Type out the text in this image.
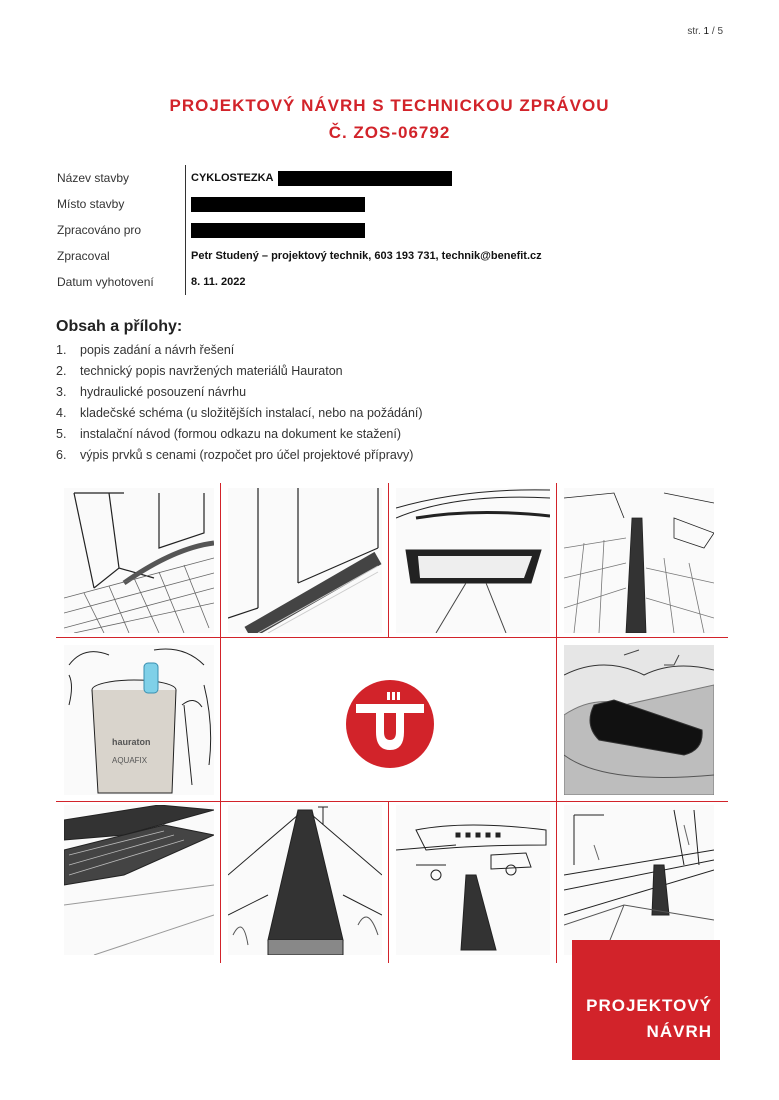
str. 1 / 5
PROJEKTOVÝ NÁVRH S TECHNICKOU ZPRÁVOU
Č. ZOS-06792
Název stavby	CYKLOSTEZKA
Místo stavby
Zpracováno pro
Zpracoval	Petr Studený – projektový technik, 603 193 731, technik@benefit.cz
Datum vyhotovení	8. 11. 2022
Obsah a přílohy:
1.	popis zadání a návrh řešení
2.	technický popis navržených materiálů Hauraton
3.	hydraulické posouzení návrhu
4.	kladečské schéma (u složitějších instalací, nebo na požádání)
5.	instalační návod (formou odkazu na dokument ke stažení)
6.	výpis prvků s cenami (rozpočet pro účel projektové přípravy)
hauraton
AQUAFIX
PROJEKTOVÝ
NÁVRH
